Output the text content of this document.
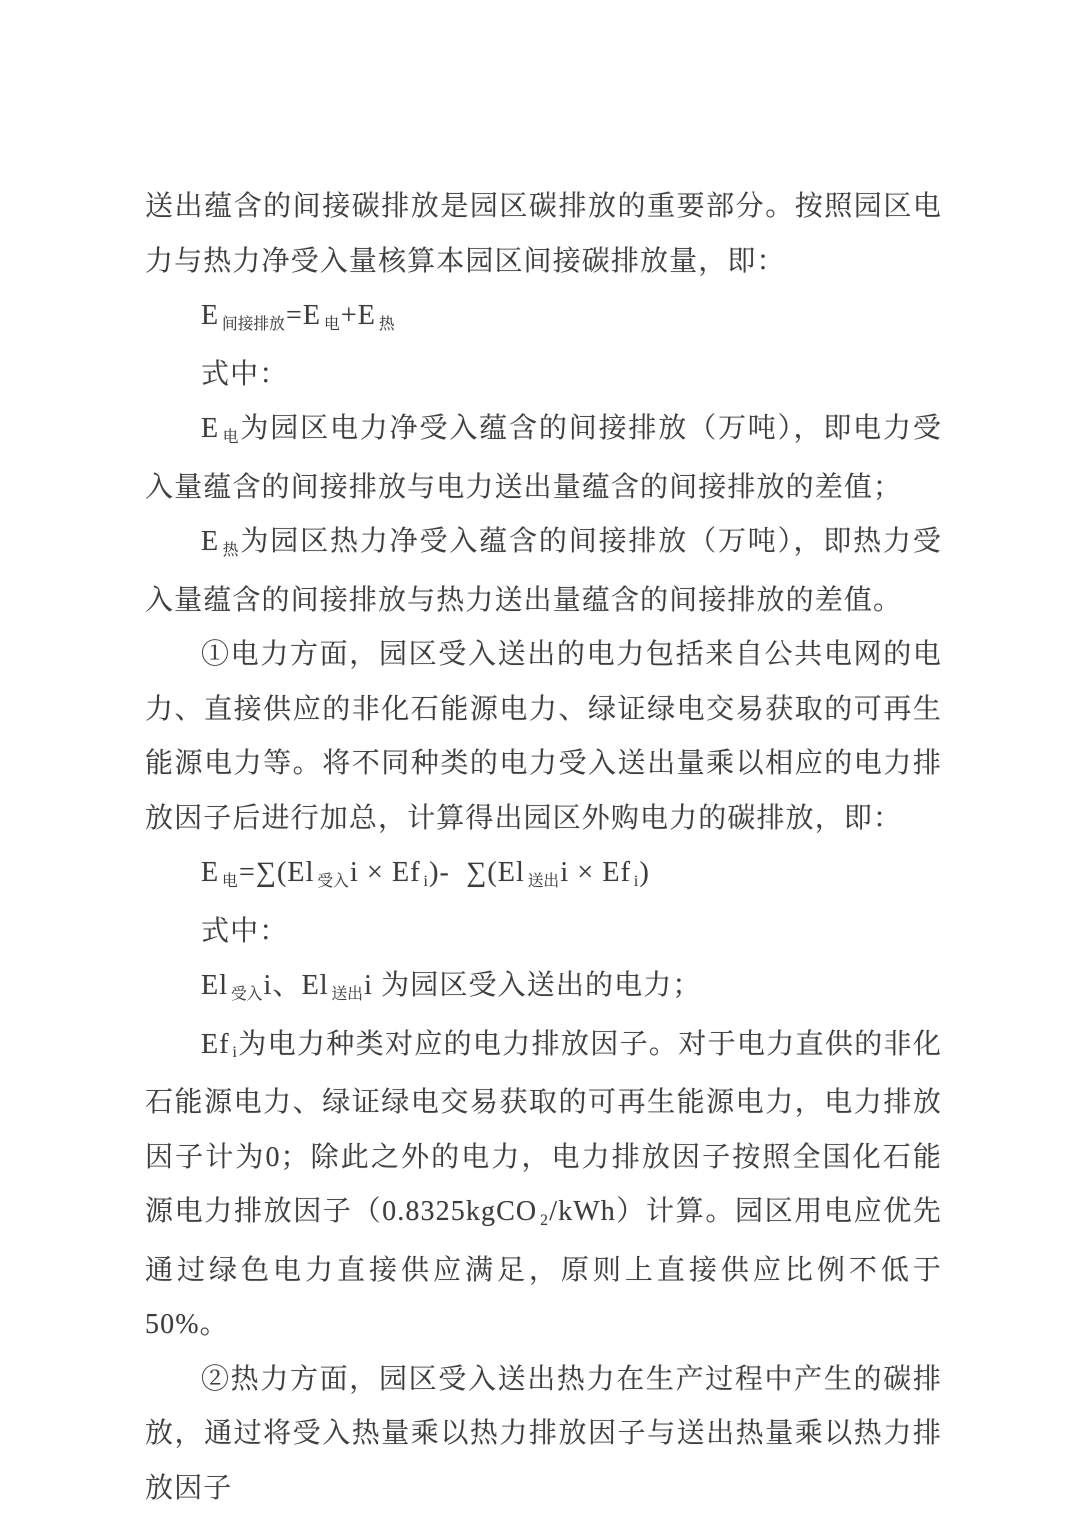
送出蕴含的间接碳排放是园区碳排放的重要部分。按照园区电力与热力净受入量核算本园区间接碳排放量，即：

E 间接排放=E 电+E 热

式中：

E 电为园区电力净受入蕴含的间接排放（万吨），即电力受入量蕴含的间接排放与电力送出量蕴含的间接排放的差值；

E 热为园区热力净受入蕴含的间接排放（万吨），即热力受入量蕴含的间接排放与热力送出量蕴含的间接排放的差值。

①电力方面，园区受入送出的电力包括来自公共电网的电力、直接供应的非化石能源电力、绿证绿电交易获取的可再生能源电力等。将不同种类的电力受入送出量乘以相应的电力排放因子后进行加总，计算得出园区外购电力的碳排放，即：

E 电=∑(El 受入i × Ef i)-  ∑(El 送出i × Ef i)

式中：

El 受入i、El 送出i 为园区受入送出的电力；

Ef i为电力种类对应的电力排放因子。对于电力直供的非化石能源电力、绿证绿电交易获取的可再生能源电力，电力排放因子计为0；除此之外的电力，电力排放因子按照全国化石能源电力排放因子（0.8325kgCO 2/kWh）计算。园区用电应优先通过绿色电力直接供应满足，原则上直接供应比例不低于 50%。

②热力方面，园区受入送出热力在生产过程中产生的碳排放，通过将受入热量乘以热力排放因子与送出热量乘以热力排放因子
